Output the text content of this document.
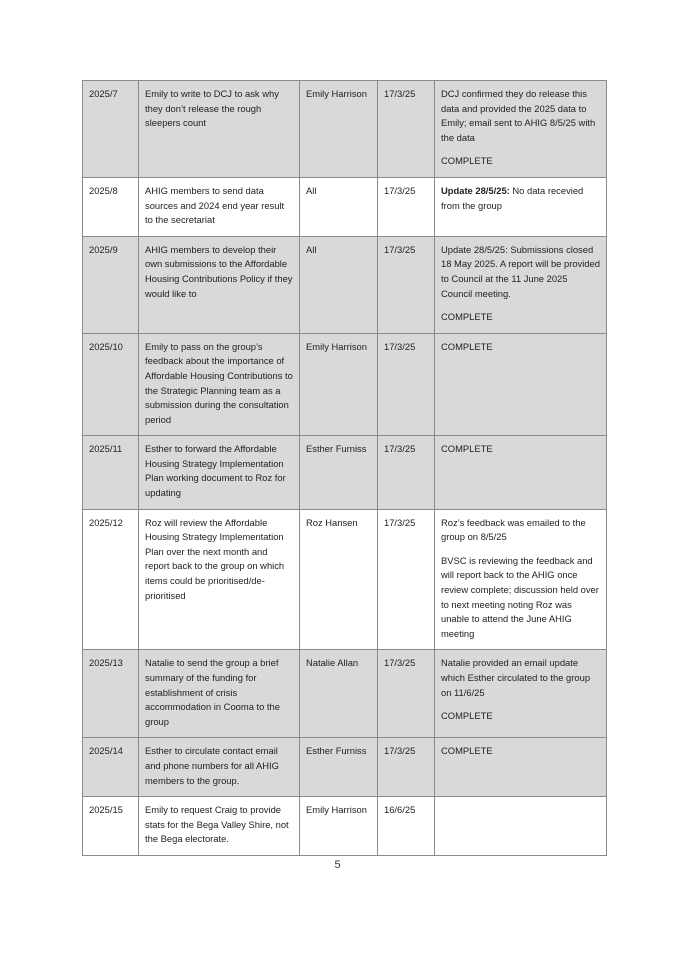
2025/7	Emily to write to DCJ to ask why they don’t release the rough sleepers count	Emily Harrison	17/3/25	DCJ confirmed they do release this data and provided the 2025 data to Emily; email sent to AHIG 8/5/25 with the data

COMPLETE

2025/8	AHIG members to send data sources and 2024 end year result to the secretariat	All	17/3/25	Update 28/5/25: No data recevied from the group

2025/9	AHIG members to develop their own submissions to the Affordable Housing Contributions Policy if they would like to	All	17/3/25	Update 28/5/25: Submissions closed 18 May 2025. A report will be provided to Council at the 11 June 2025 Council meeting.

COMPLETE

2025/10	Emily to pass on the group’s feedback about the importance of Affordable Housing Contributions to the Strategic Planning team as a submission during the consultation period	Emily Harrison	17/3/25	COMPLETE

2025/11	Esther to forward the Affordable Housing Strategy Implementation Plan working document to Roz for updating	Esther Furniss	17/3/25	COMPLETE

2025/12	Roz will review the Affordable Housing Strategy Implementation Plan over the next month and report back to the group on which items could be prioritised/de-prioritised	Roz Hansen	17/3/25	Roz’s feedback was emailed to the group on 8/5/25

BVSC is reviewing the feedback and will report back to the AHIG once review complete; discussion held over to next meeting noting Roz was unable to attend the June AHIG meeting

2025/13	Natalie to send the group a brief summary of the funding for establishment of crisis accommodation in Cooma to the group	Natalie Allan	17/3/25	Natalie provided an email update which Esther circulated to the group on 11/6/25

COMPLETE

2025/14	Esther to circulate contact email and phone numbers for all AHIG members to the group.	Esther Furniss	17/3/25	COMPLETE

2025/15	Emily to request Craig to provide stats for the Bega Valley Shire, not the Bega electorate.	Emily Harrison	16/6/25	
5
